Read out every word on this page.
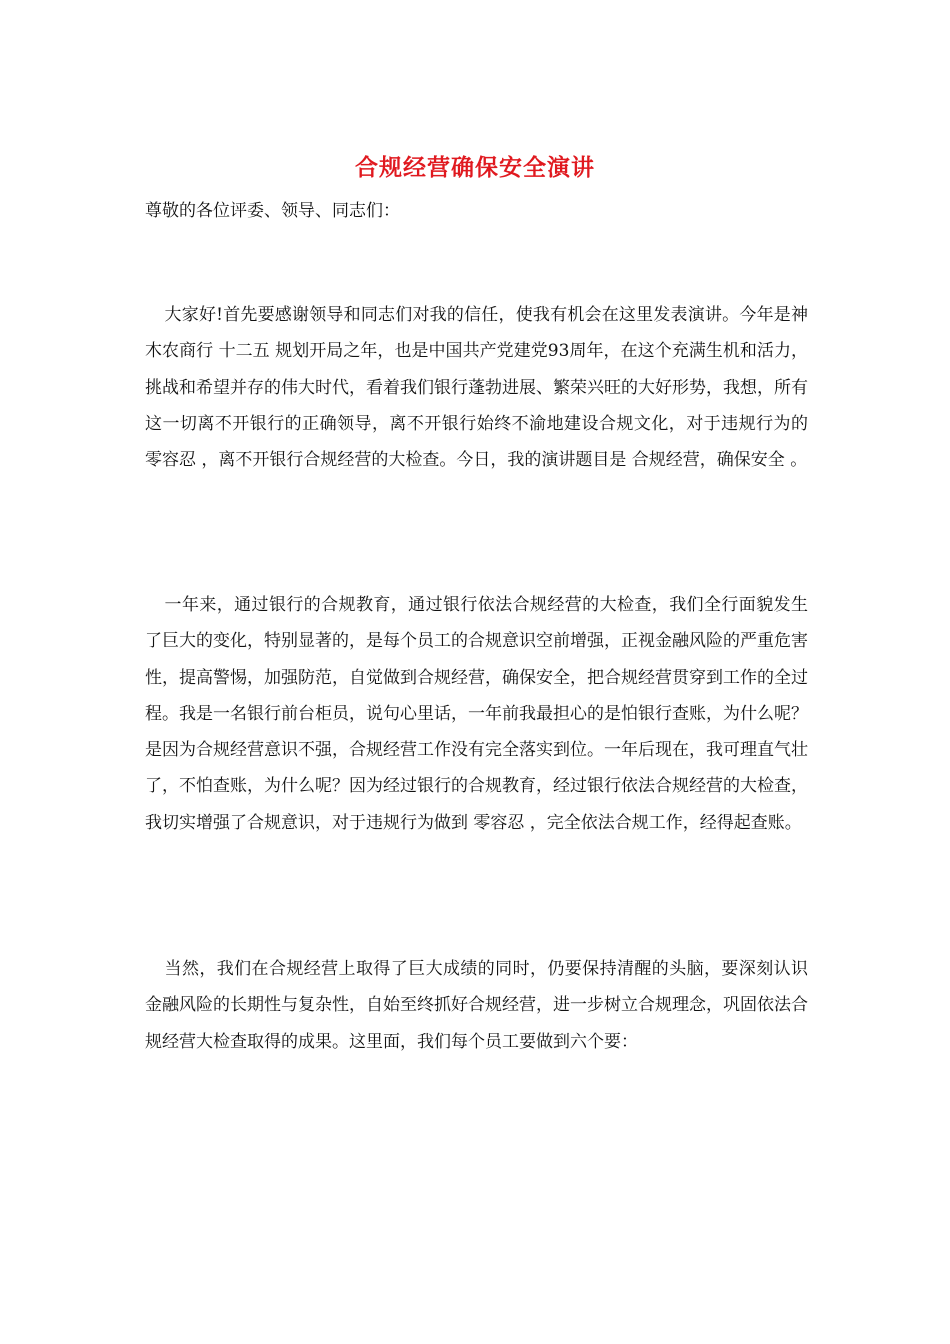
合规经营确保安全演讲
尊敬的各位评委、领导、同志们：

大家好!首先要感谢领导和同志们对我的信任，使我有机会在这里发表演讲。今年是神木农商行 十二五 规划开局之年，也是中国共产党建党93周年，在这个充满生机和活力，挑战和希望并存的伟大时代，看着我们银行蓬勃进展、繁荣兴旺的大好形势，我想，所有这一切离不开银行的正确领导，离不开银行始终不渝地建设合规文化，对于违规行为的 零容忍 ，离不开银行合规经营的大检查。今日，我的演讲题目是 合规经营，确保安全 。

一年来，通过银行的合规教育，通过银行依法合规经营的大检查，我们全行面貌发生了巨大的变化，特别显著的，是每个员工的合规意识空前增强，正视金融风险的严重危害性，提高警惕，加强防范，自觉做到合规经营，确保安全，把合规经营贯穿到工作的全过程。我是一名银行前台柜员，说句心里话，一年前我最担心的是怕银行查账，为什么呢？是因为合规经营意识不强，合规经营工作没有完全落实到位。一年后现在，我可理直气壮了，不怕查账，为什么呢？因为经过银行的合规教育，经过银行依法合规经营的大检查，我切实增强了合规意识，对于违规行为做到 零容忍 ，完全依法合规工作，经得起查账。

当然，我们在合规经营上取得了巨大成绩的同时，仍要保持清醒的头脑，要深刻认识金融风险的长期性与复杂性，自始至终抓好合规经营，进一步树立合规理念，巩固依法合规经营大检查取得的成果。这里面，我们每个员工要做到六个要：
